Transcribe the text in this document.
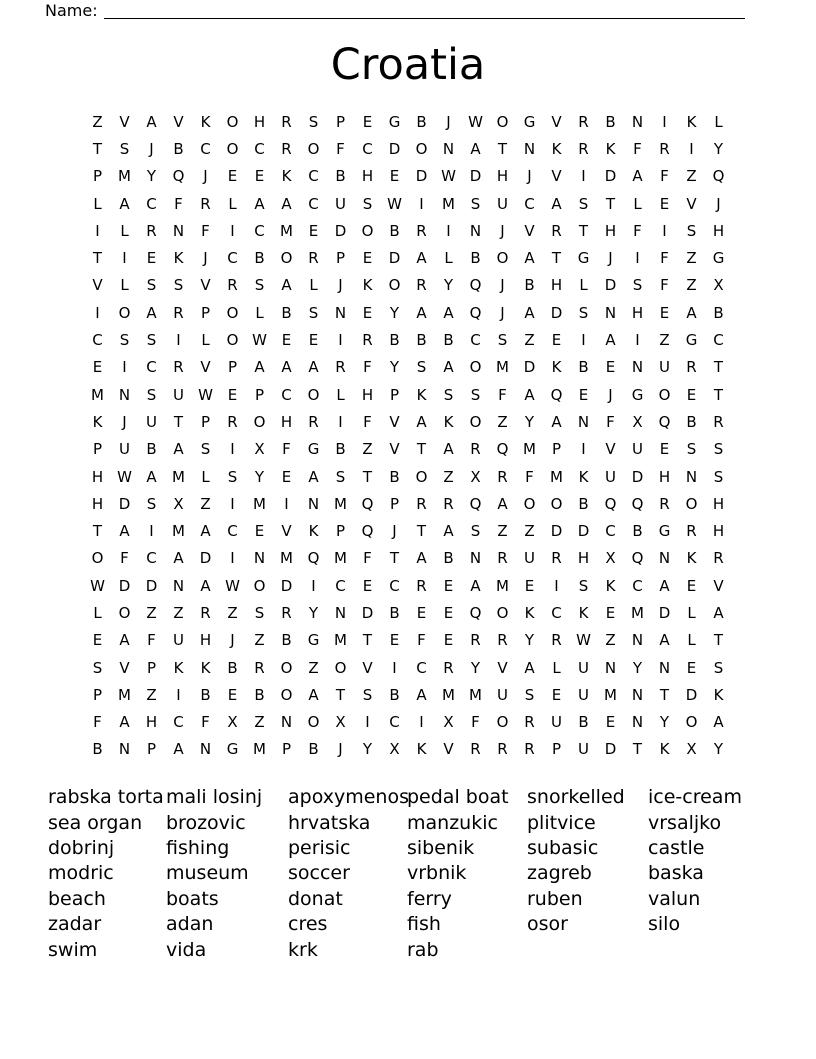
Name:
Croatia
Z	V	A	V	K	O	H	R	S	P	E	G	B	J	W O	G	V	R	B	N	I	K	L
T	S	J	B	C	O	C	R	O	F	C	D	O	N	A	T	N	K	R	K	F	R	I	Y
P	M	Y	Q	J	E	E	K	C	B	H	E	D W D	H	J	V	I	D	A	F	Z	Q
L	A	C	F	R	L	A	A	C	U	S W	I	M	S	U	C	A	S	T	L	E	V	J
I	L	R	N	F	I	C	M	E	D	O	B	R	I	N	J	V	R	T	H	F	I	S	H
T	I	E	K	J	C	B	O	R	P	E	D	A	L	B	O	A	T	G	J	I	F	Z	G
V	L	S	S	V	R	S	A	L	J	K	O	R	Y	Q	J	B	H	L	D	S	F	Z	X
I	O	A	R	P	O	L	B	S	N	E	Y	A	A	Q	J	A	D	S	N	H	E	A	B
C	S	S	I	L	O W E	E	I	R	B	B	B	C	S	Z	E	I	A	I	Z	G	C
E	I	C	R	V	P	A	A	A	R	F	Y	S	A	O M D	K	B	E	N	U	R	T
M N	S	U W E	P	C	O	L	H	P	K	S	S	F	A	Q	E	J	G	O	E	T
K	J	U	T	P	R	O	H	R	I	F	V	A	K	O	Z	Y	A	N	F	X	Q	B	R
P	U	B	A	S	I	X	F	G	B	Z	V	T	A	R	Q M	P	I	V	U	E	S	S
H W A	M	L	S	Y	E	A	S	T	B	O	Z	X	R	F	M	K	U	D	H	N	S
H	D	S	X	Z	I	M	I	N M Q	P	R	R	Q	A	O	O	B	Q	Q	R	O	H
T	A	I	M	A	C	E	V	K	P	Q	J	T	A	S	Z	Z	D	D	C	B	G	R	H
O	F	C	A	D	I	N M Q M	F	T	A	B	N	R	U	R	H	X	Q	N	K	R
W D	D	N	A W O	D	I	C	E	C	R	E	A	M	E	I	S	K	C	A	E	V
L	O	Z	Z	R	Z	S	R	Y	N	D	B	E	E	Q	O	K	C	K	E	M D	L	A
E	A	F	U	H	J	Z	B	G M	T	E	F	E	R	R	Y	R W Z	N	A	L	T
S	V	P	K	K	B	R	O	Z	O	V	I	C	R	Y	V	A	L	U	N	Y	N	E	S
P	M	Z	I	B	E	B	O	A	T	S	B	A	M M	U	S	E	U	M N	T	D	K
F	A	H	C	F	X	Z	N	O	X	I	C	I	X	F	O	R	U	B	E	N	Y	O	A
B	N	P	A	N	G M	P	B	J	Y	X	K	V	R	R	R	P	U	D	T	K	X	Y
rabska torta
sea organ
dobrinj
modric
beach
zadar
swim
mali losinj
brozovic
fishing
museum
boats
adan
vida
apoxymenos
hrvatska
perisic
soccer
donat
cres
krk
pedal boat
manzukic
sibenik
vrbnik
ferry
fish
rab
snorkelled
plitvice
subasic
zagreb
ruben
osor
ice-cream
vrsaljko
castle
baska
valun
silo
